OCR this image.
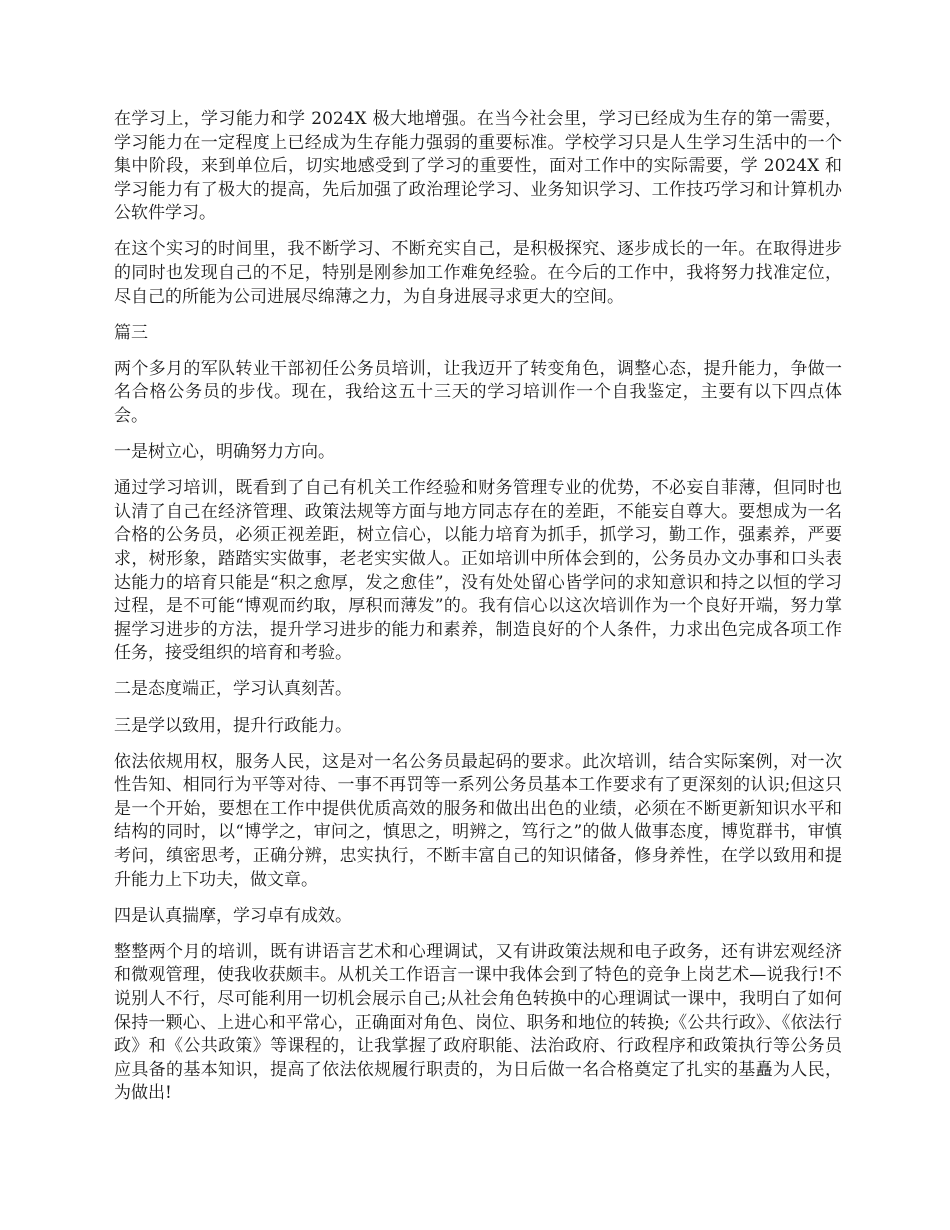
在学习上，学习能力和学 2024X 极大地增强。在当今社会里，学习已经成为生存的第一需要，学习能力在一定程度上已经成为生存能力强弱的重要标准。学校学习只是人生学习生活中的一个集中阶段，来到单位后，切实地感受到了学习的重要性，面对工作中的实际需要，学 2024X 和学习能力有了极大的提高，先后加强了政治理论学习、业务知识学习、工作技巧学习和计算机办公软件学习。

在这个实习的时间里，我不断学习、不断充实自己，是积极探究、逐步成长的一年。在取得进步的同时也发现自己的不足，特别是刚参加工作难免经验。在今后的工作中，我将努力找准定位，尽自己的所能为公司进展尽绵薄之力，为自身进展寻求更大的空间。

篇三

两个多月的军队转业干部初任公务员培训，让我迈开了转变角色，调整心态，提升能力，争做一名合格公务员的步伐。现在，我给这五十三天的学习培训作一个自我鉴定，主要有以下四点体会。

一是树立心，明确努力方向。

通过学习培训，既看到了自己有机关工作经验和财务管理专业的优势，不必妄自菲薄，但同时也认清了自己在经济管理、政策法规等方面与地方同志存在的差距，不能妄自尊大。要想成为一名合格的公务员，必须正视差距，树立信心，以能力培育为抓手，抓学习，勤工作，强素养，严要求，树形象，踏踏实实做事，老老实实做人。正如培训中所体会到的，公务员办文办事和口头表达能力的培育只能是“积之愈厚，发之愈佳”，没有处处留心皆学问的求知意识和持之以恒的学习过程，是不可能“博观而约取，厚积而薄发”的。我有信心以这次培训作为一个良好开端，努力掌握学习进步的方法，提升学习进步的能力和素养，制造良好的个人条件，力求出色完成各项工作任务，接受组织的培育和考验。

二是态度端正，学习认真刻苦。

三是学以致用，提升行政能力。

依法依规用权，服务人民，这是对一名公务员最起码的要求。此次培训，结合实际案例，对一次性告知、相同行为平等对待、一事不再罚等一系列公务员基本工作要求有了更深刻的认识;但这只是一个开始，要想在工作中提供优质高效的服务和做出出色的业绩，必须在不断更新知识水平和结构的同时，以“博学之，审问之，慎思之，明辨之，笃行之”的做人做事态度，博览群书，审慎考问，缜密思考，正确分辨，忠实执行，不断丰富自己的知识储备，修身养性，在学以致用和提升能力上下功夫，做文章。

四是认真揣摩，学习卓有成效。

整整两个月的培训，既有讲语言艺术和心理调试，又有讲政策法规和电子政务，还有讲宏观经济和微观管理，使我收获颇丰。从机关工作语言一课中我体会到了特色的竞争上岗艺术—说我行!不说别人不行，尽可能利用一切机会展示自己;从社会角色转换中的心理调试一课中，我明白了如何保持一颗心、上进心和平常心，正确面对角色、岗位、职务和地位的转换;《公共行政》、《依法行政》和《公共政策》等课程的，让我掌握了政府职能、法治政府、行政程序和政策执行等公务员应具备的基本知识，提高了依法依规履行职责的，为日后做一名合格奠定了扎实的基矗为人民，为做出!
